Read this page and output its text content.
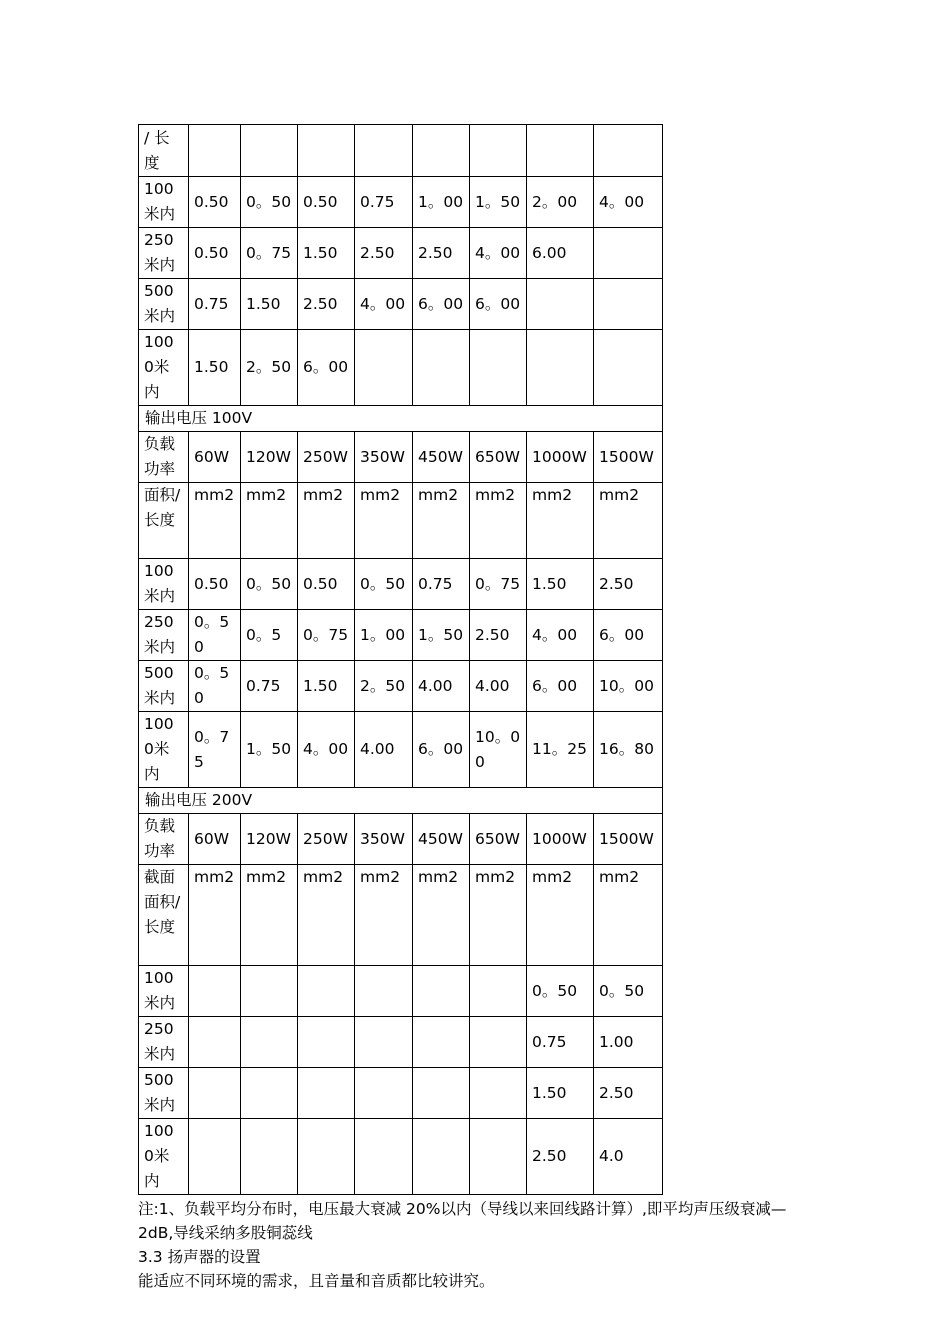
/ 长度								
100米内	0.50	0。50	0.50	0.75	1。00	1。50	2。00	4。00
250米内	0.50	0。75	1.50	2.50	2.50	4。00	6.00	
500米内	0.75	1.50	2.50	4。00	6。00	6。00		
1000米内	1.50	2。50	6。00					
输出电压 100V								
负载功率	60W	120W	250W	350W	450W	650W	1000W	1500W
面积/ 长度	mm2	mm2	mm2	mm2	mm2	mm2	mm2	mm2
100米内	0.50	0。50	0.50	0。50	0.75	0。75	1.50	2.50
250米内	0。50	0。5	0。75	1。00	1。50	2.50	4。00	6。00
500米内	0。50	0.75	1.50	2。50	4.00	4.00	6。00	10。00
1000米内	0。75	1。50	4。00	4.00	6。00	10。00	11。25	16。80
输出电压 200V								
负载功率	60W	120W	250W	350W	450W	650W	1000W	1500W
截面面积/ 长度	mm2	mm2	mm2	mm2	mm2	mm2	mm2	mm2
100米内							0。50	0。50
250米内							0.75	1.00
500米内							1.50	2.50
1000米内							2.50	4.0

注:1、负载平均分布时，电压最大衰减 20%以内（导线以来回线路计算）,即平均声压级衰减—2dB,导线采纳多股铜蕊线

3.3 扬声器的设置

能适应不同环境的需求，且音量和音质都比较讲究。
